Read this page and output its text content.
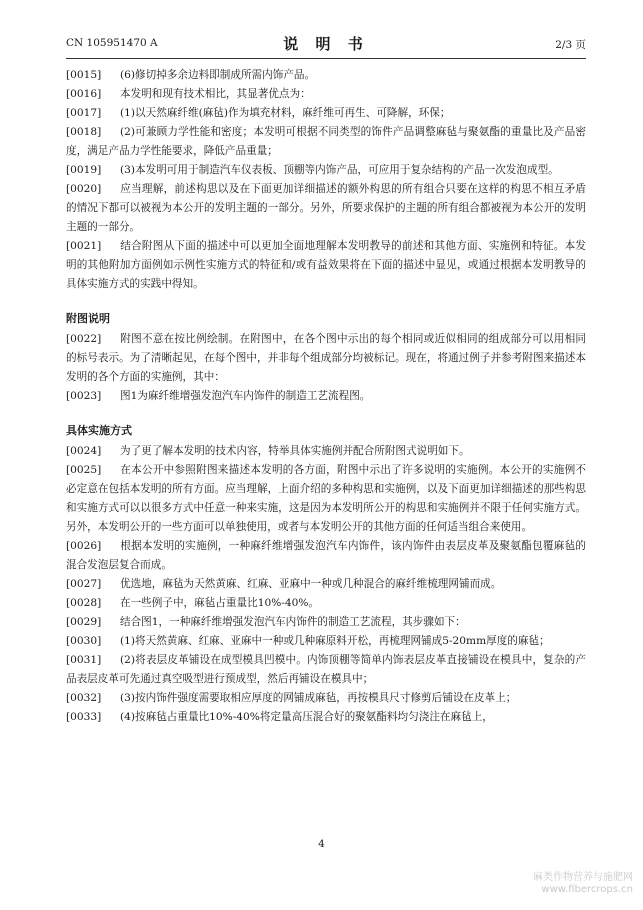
CN 105951470 A	说 明 书	2/3 页

[0015] (6)修切掉多余边料即制成所需内饰产品。

[0016] 本发明和现有技术相比，其显著优点为：

[0017] (1)以天然麻纤维(麻毡)作为填充材料，麻纤维可再生、可降解，环保；

[0018] (2)可兼顾力学性能和密度；本发明可根据不同类型的饰件产品调整麻毡与聚氨酯的重量比及产品密度，满足产品力学性能要求，降低产品重量；

[0019] (3)本发明可用于制造汽车仪表板、顶棚等内饰产品，可应用于复杂结构的产品一次发泡成型。

[0020] 应当理解，前述构思以及在下面更加详细描述的额外构思的所有组合只要在这样的构思不相互矛盾的情况下都可以被视为本公开的发明主题的一部分。另外，所要求保护的主题的所有组合都被视为本公开的发明主题的一部分。

[0021] 结合附图从下面的描述中可以更加全面地理解本发明教导的前述和其他方面、实施例和特征。本发明的其他附加方面例如示例性实施方式的特征和/或有益效果将在下面的描述中显见，或通过根据本发明教导的具体实施方式的实践中得知。

附图说明

[0022] 附图不意在按比例绘制。在附图中，在各个图中示出的每个相同或近似相同的组成部分可以用相同的标号表示。为了清晰起见，在每个图中，并非每个组成部分均被标记。现在，将通过例子并参考附图来描述本发明的各个方面的实施例，其中：

[0023] 图1为麻纤维增强发泡汽车内饰件的制造工艺流程图。

具体实施方式

[0024] 为了更了解本发明的技术内容，特举具体实施例并配合所附图式说明如下。

[0025] 在本公开中参照附图来描述本发明的各方面，附图中示出了许多说明的实施例。本公开的实施例不必定意在包括本发明的所有方面。应当理解，上面介绍的多种构思和实施例，以及下面更加详细描述的那些构思和实施方式可以以很多方式中任意一种来实施，这是因为本发明所公开的构思和实施例并不限于任何实施方式。另外，本发明公开的一些方面可以单独使用，或者与本发明公开的其他方面的任何适当组合来使用。

[0026] 根据本发明的实施例，一种麻纤维增强发泡汽车内饰件，该内饰件由表层皮革及聚氨酯包覆麻毡的混合发泡层复合而成。

[0027] 优选地，麻毡为天然黄麻、红麻、亚麻中一种或几种混合的麻纤维梳理网铺而成。

[0028] 在一些例子中，麻毡占重量比10%-40%。

[0029] 结合图1，一种麻纤维增强发泡汽车内饰件的制造工艺流程，其步骤如下：

[0030] (1)将天然黄麻、红麻、亚麻中一种或几种麻原料开松，再梳理网铺成5-20mm厚度的麻毡；

[0031] (2)将表层皮革铺设在成型模具凹模中。内饰顶棚等简单内饰表层皮革直接铺设在模具中，复杂的产品表层皮革可先通过真空吸型进行预成型，然后再铺设在模具中；

[0032] (3)按内饰件强度需要取相应厚度的网铺成麻毡，再按模具尺寸修剪后铺设在皮革上；

[0033] (4)按麻毡占重量比10%-40%将定量高压混合好的聚氨酯料均匀浇注在麻毡上，

4
麻类作物营养与施肥网
www.fibercrops.cn
